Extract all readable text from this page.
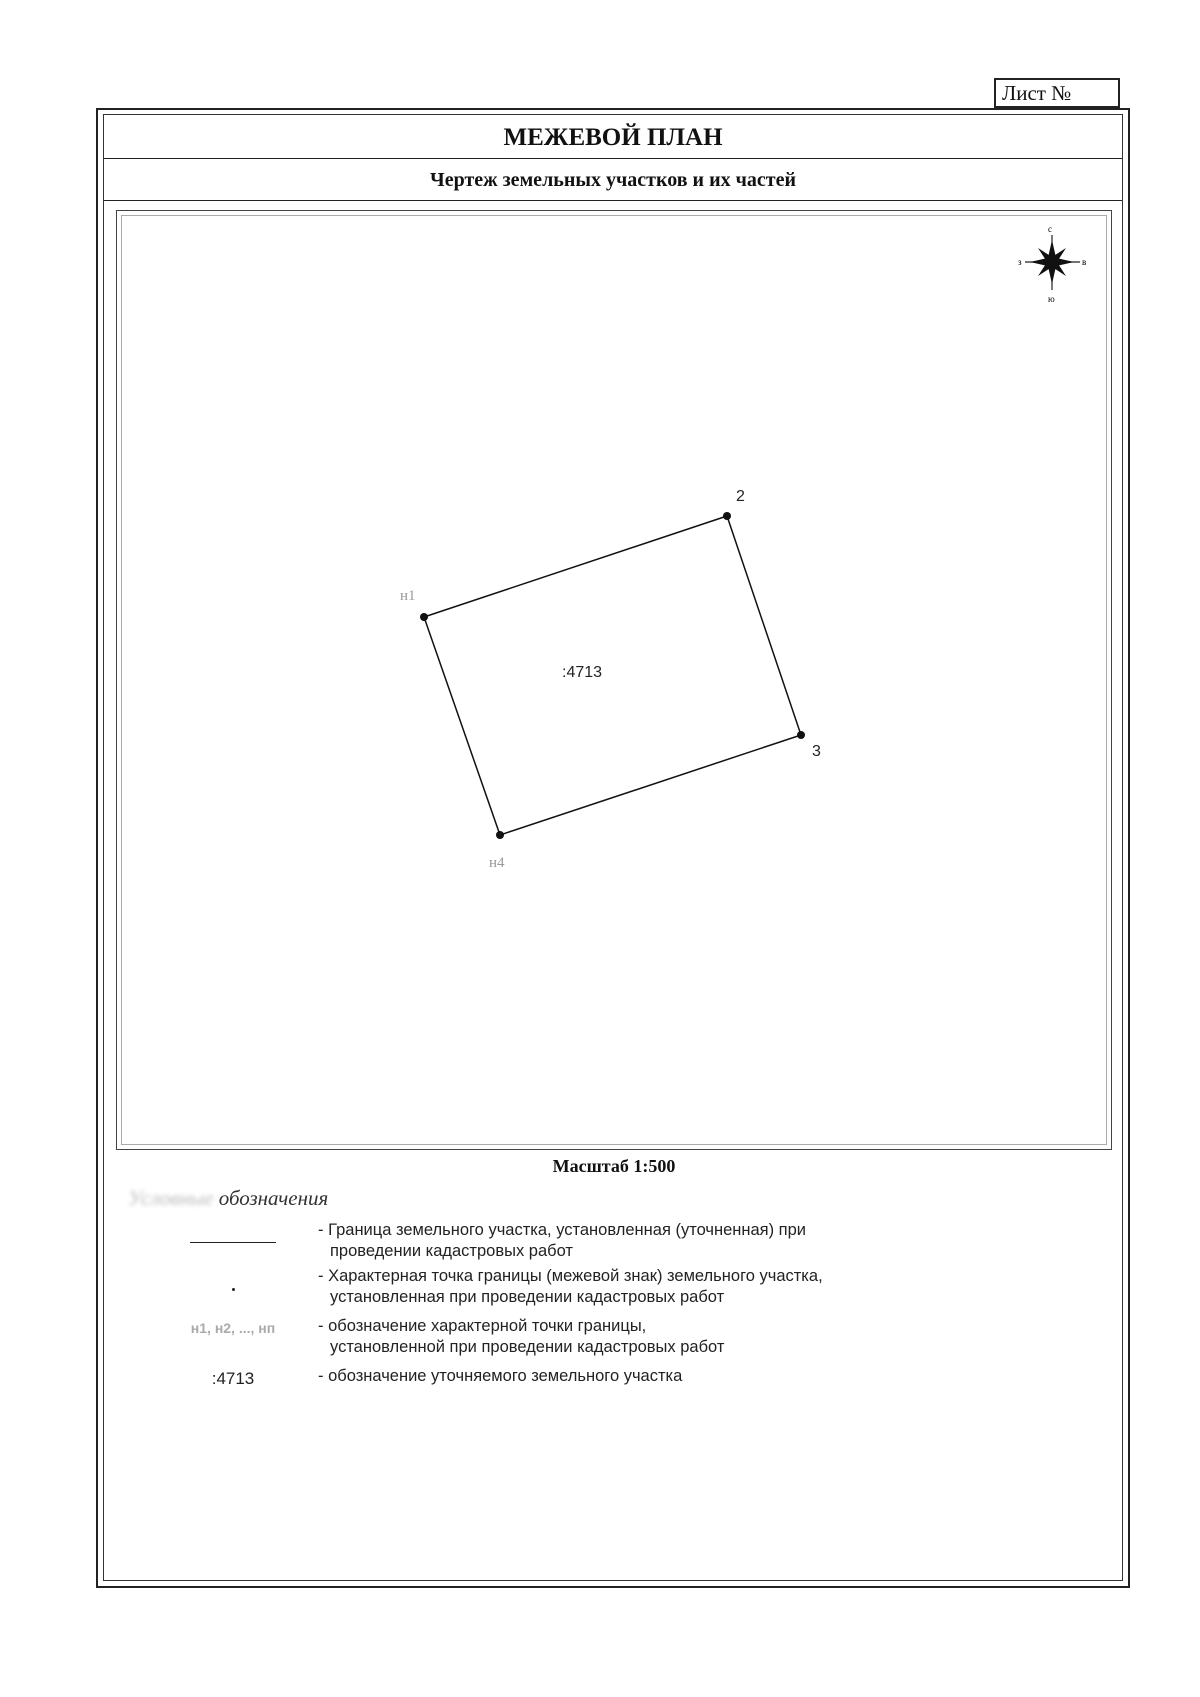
Лист №
МЕЖЕВОЙ ПЛАН
Чертеж земельных участков и их частей
с
ю
з	в
н1
2
3
н4
:4713
Масштаб 1:500
Условные обозначения
- Граница земельного участка, установленная (уточненная) при
проведении кадастровых работ
- Характерная точка границы (межевой знак) земельного участка,
установленная при проведении кадастровых работ
н1, н2, ..., нп	- обозначение характерной точки границы,
установленной при проведении кадастровых работ
:4713	- обозначение уточняемого земельного участка
